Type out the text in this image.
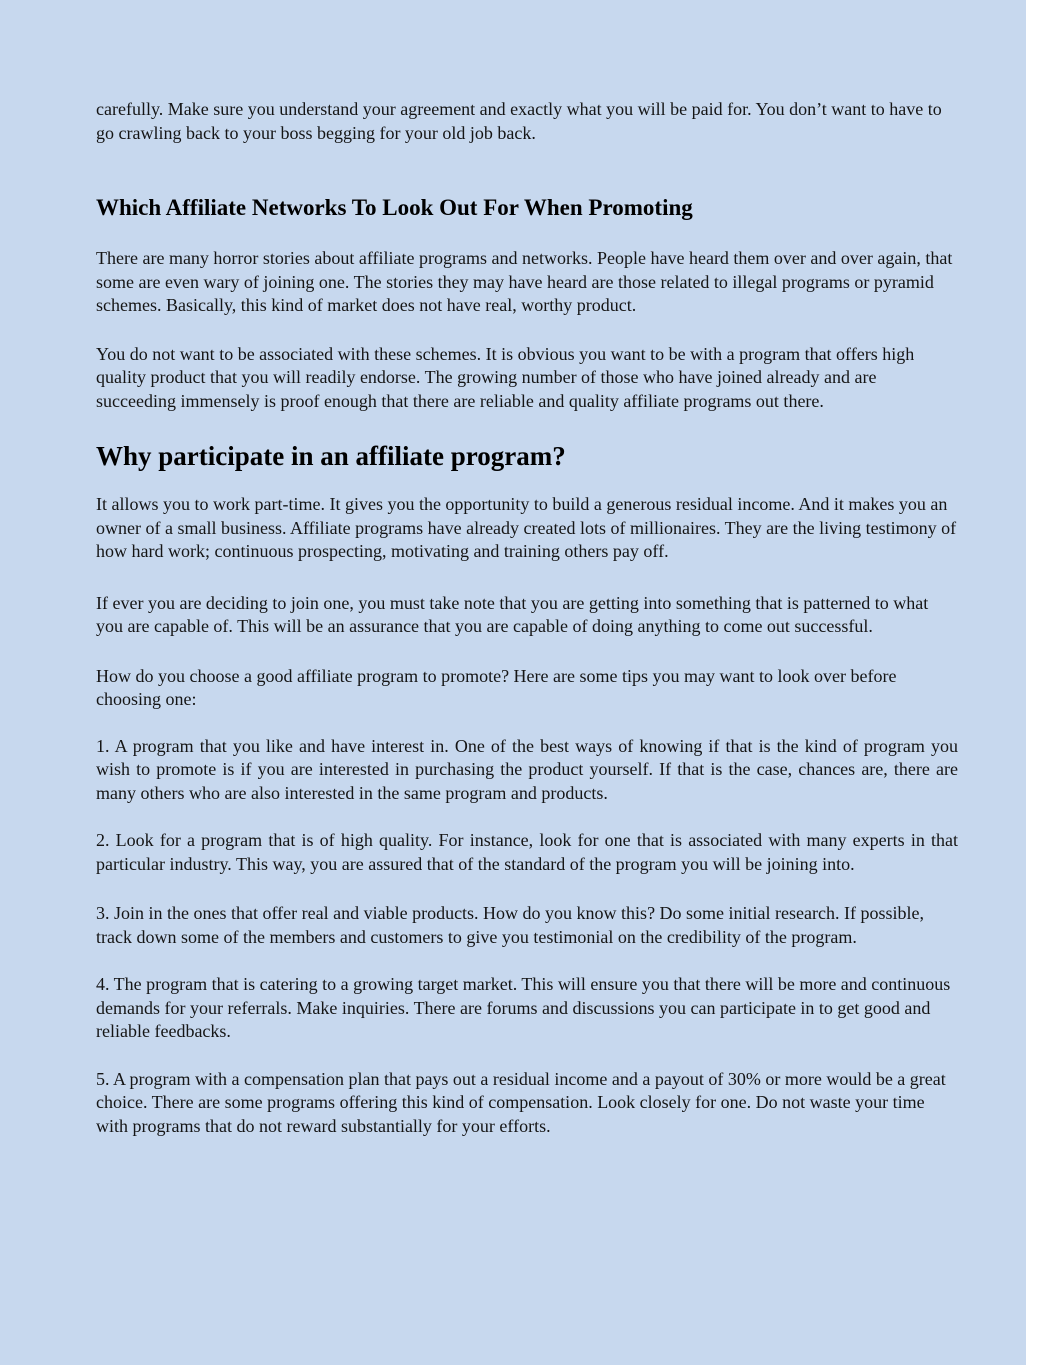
carefully. Make sure you understand your agreement and exactly what you will be paid for. You don’t want to have to go crawling back to your boss begging for your old job back.

Which Affiliate Networks To Look Out For When Promoting

There are many horror stories about affiliate programs and networks. People have heard them over and over again, that some are even wary of joining one. The stories they may have heard are those related to illegal programs or pyramid schemes. Basically, this kind of market does not have real, worthy product.

You do not want to be associated with these schemes. It is obvious you want to be with a program that offers high quality product that you will readily endorse. The growing number of those who have joined already and are succeeding immensely is proof enough that there are reliable and quality affiliate programs out there.

Why participate in an affiliate program?

It allows you to work part-time. It gives you the opportunity to build a generous residual income. And it makes you an owner of a small business. Affiliate programs have already created lots of millionaires. They are the living testimony of how hard work; continuous prospecting, motivating and training others pay off.

If ever you are deciding to join one, you must take note that you are getting into something that is patterned to what you are capable of. This will be an assurance that you are capable of doing anything to come out successful.

How do you choose a good affiliate program to promote? Here are some tips you may want to look over before choosing one:

1. A program that you like and have interest in. One of the best ways of knowing if that is the kind of program you wish to promote is if you are interested in purchasing the product yourself. If that is the case, chances are, there are many others who are also interested in the same program and products.

2. Look for a program that is of high quality. For instance, look for one that is associated with many experts in that particular industry. This way, you are assured that of the standard of the program you will be joining into.

3. Join in the ones that offer real and viable products. How do you know this? Do some initial research. If possible, track down some of the members and customers to give you testimonial on the credibility of the program.

4. The program that is catering to a growing target market. This will ensure you that there will be more and continuous demands for your referrals. Make inquiries. There are forums and discussions you can participate in to get good and reliable feedbacks.

5. A program with a compensation plan that pays out a residual income and a payout of 30% or more would be a great choice. There are some programs offering this kind of compensation. Look closely for one. Do not waste your time with programs that do not reward substantially for your efforts.
